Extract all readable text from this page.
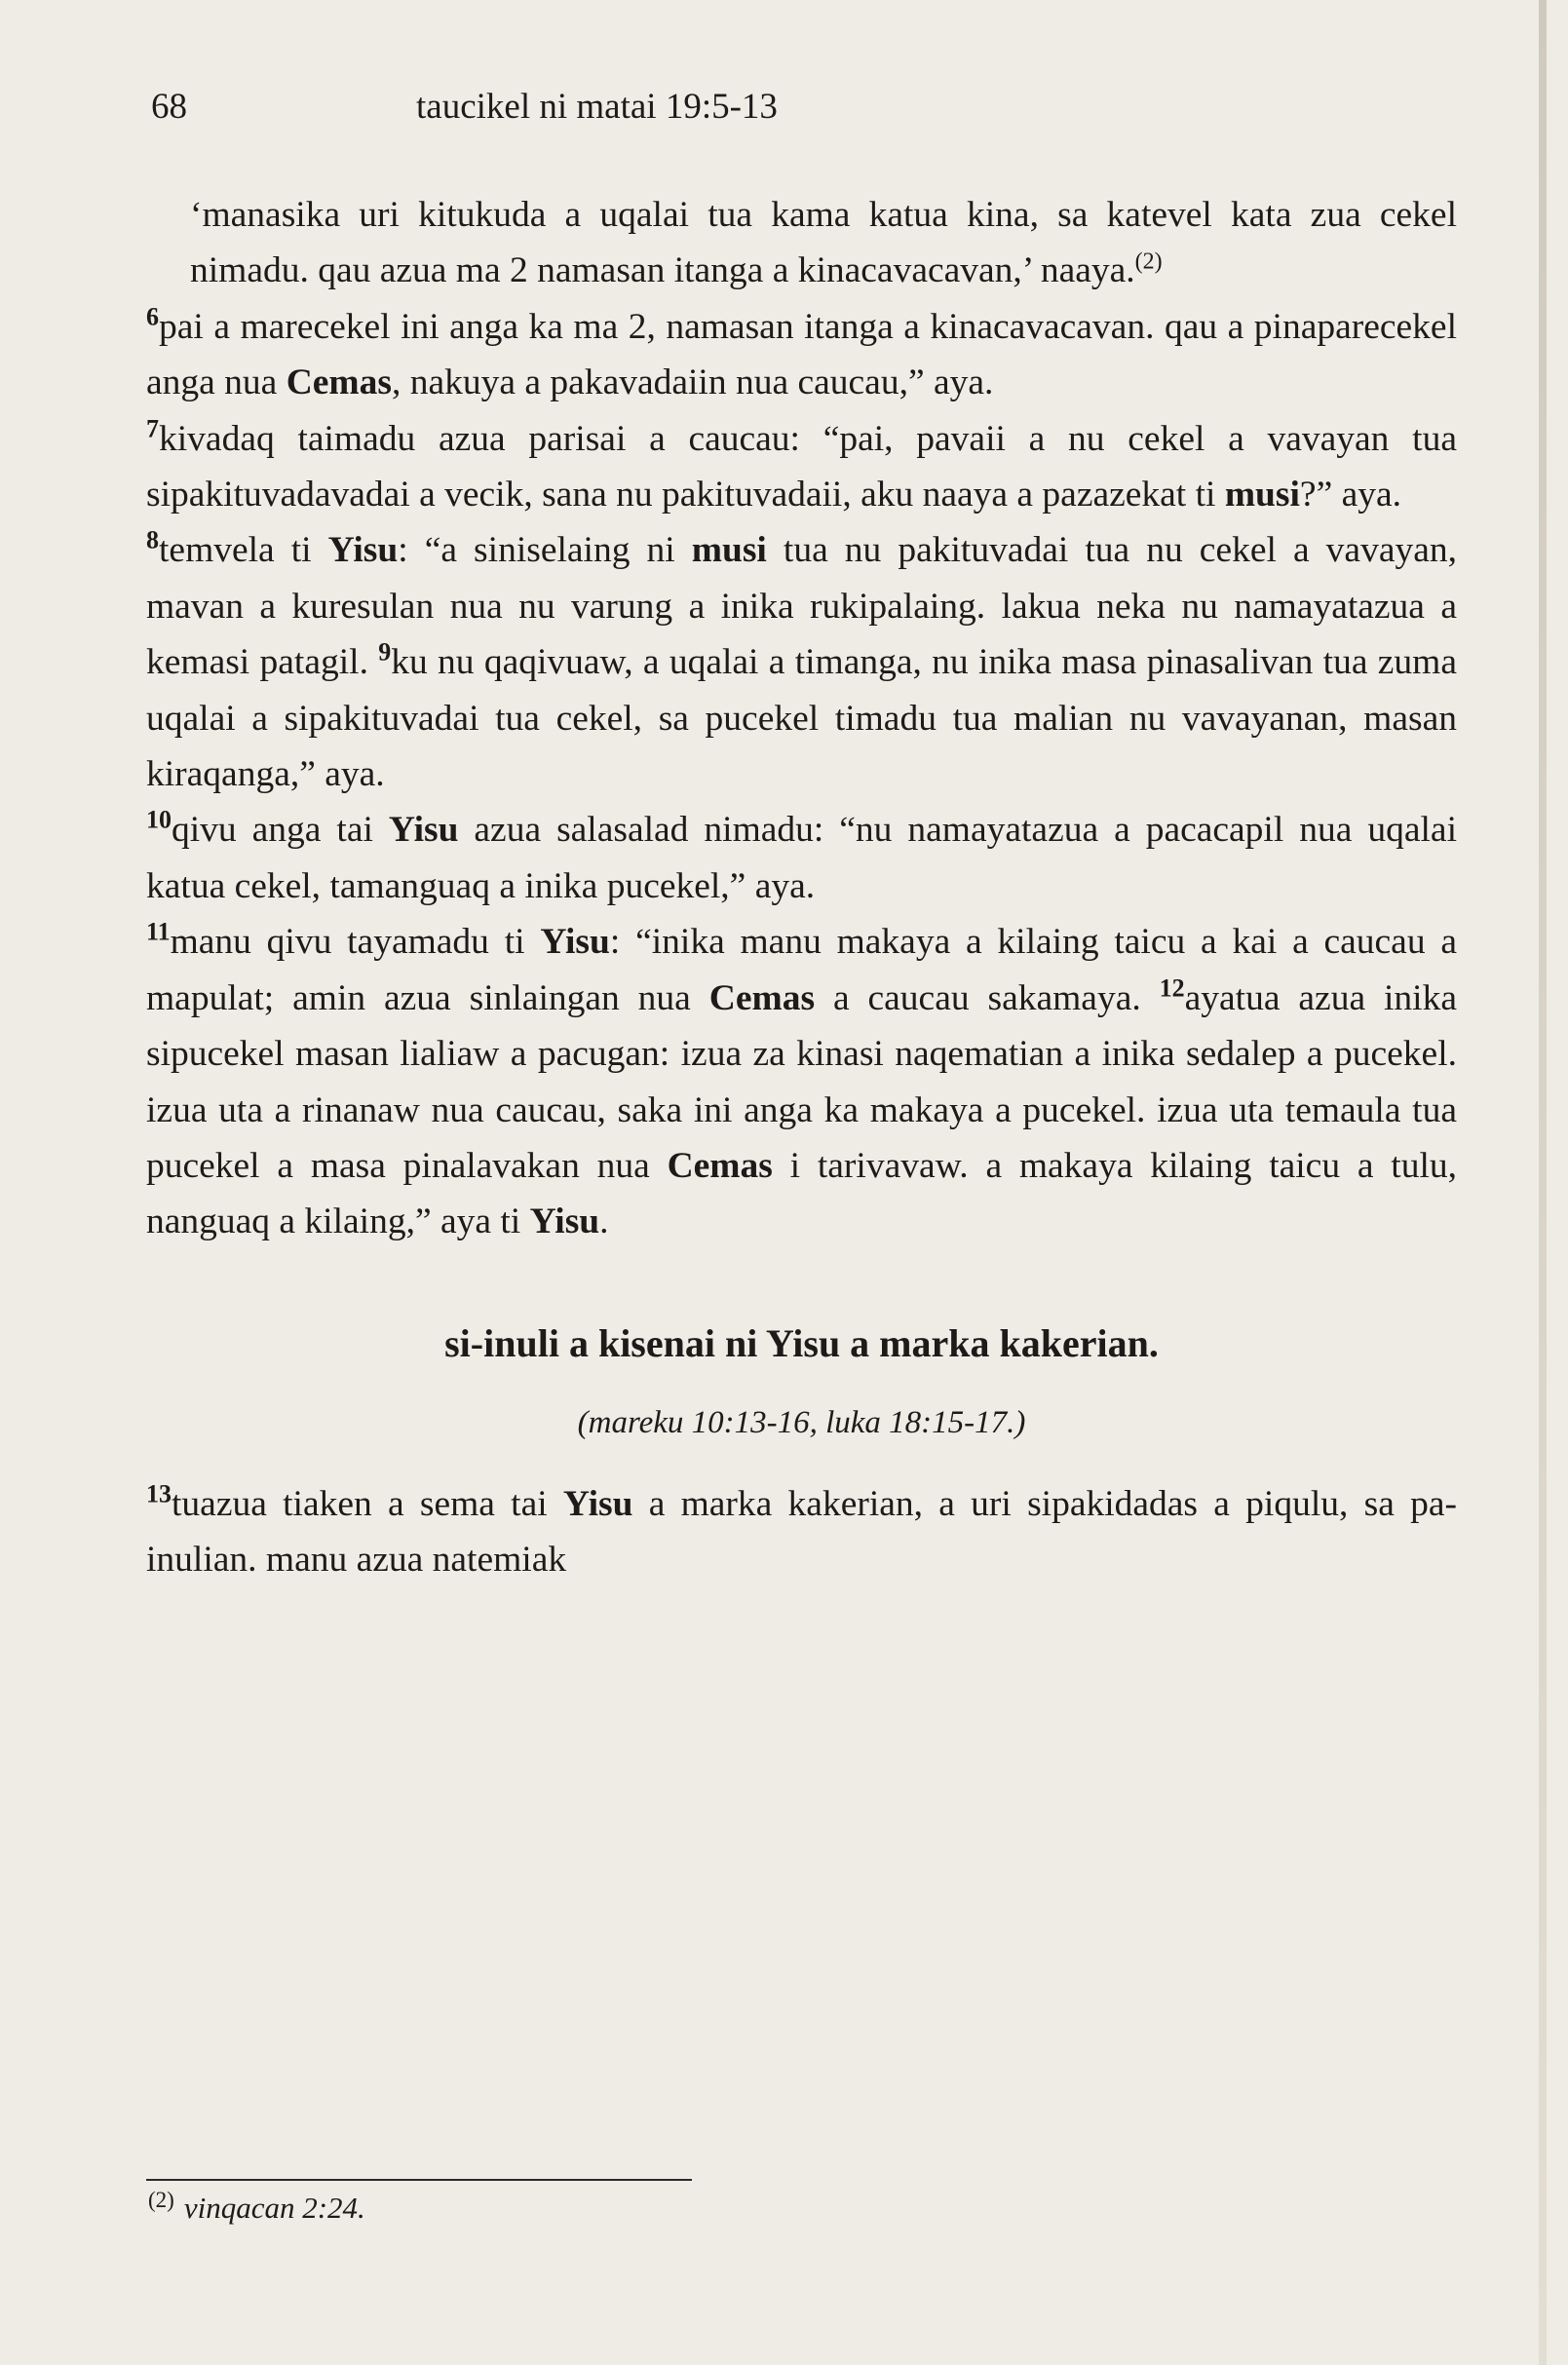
68	taucikel ni matai 19:5-13

‘manasika uri kitukuda a uqalai tua kama katua kina, sa katevel kata zua cekel nimadu. qau azua ma 2 namasan itanga a kinacavacavan,’ naaya.$^{(2)}$

$^6$pai a marecekel ini anga ka ma 2, namasan itanga a kinacavacavan. qau a pinaparecekel anga nua Cemas, nakuya a pakavadaiin nua caucau,” aya.

$^7$kivadaq taimadu azua parisai a caucau: “pai, pavaii a nu cekel a vavayan tua sipakituvadavadai a vecik, sana nu pakituvadaii, aku naaya a pazazekat ti musi?” aya.

$^8$temvela ti Yisu: “a siniselaing ni musi tua nu pakituvadai tua nu cekel a vavayan, mavan a kuresulan nua nu varung a inika rukipalaing. lakua neka nu namayatazua a kemasi patagil. $^9$ku nu qaqivuaw, a uqalai a timanga, nu inika masa pinasalivan tua zuma uqalai a sipakituvadai tua cekel, sa pucekel timadu tua malian nu vavayanan, masan kiraqanga,” aya.

$^{10}$qivu anga tai Yisu azua salasalad nimadu: “nu namayatazua a pacacapil nua uqalai katua cekel, tamanguaq a inika pucekel,” aya.

$^{11}$manu qivu tayamadu ti Yisu: “inika manu makaya a kilaing taicu a kai a caucau a mapulat; amin azua sinlaingan nua Cemas a caucau sakamaya. $^{12}$ayatua azua inika sipucekel masan lialiaw a pacugan: izua za kinasi naqematian a inika sedalep a pucekel. izua uta a rinanaw nua caucau, saka ini anga ka makaya a pucekel. izua uta temaula tua pucekel a masa pinalavakan nua Cemas i tarivavaw. a makaya kilaing taicu a tulu, nanguaq a kilaing,” aya ti Yisu.

si-inuli a kisenai ni Yisu a marka kakerian.
(mareku 10:13-16, luka 18:15-17.)

$^{13}$tuazua tiaken a sema tai Yisu a marka kakerian, a uri sipakidadas a piqulu, sa pa-inulian. manu azua natemiak

$^{(2)}$ vinqacan 2:24.
